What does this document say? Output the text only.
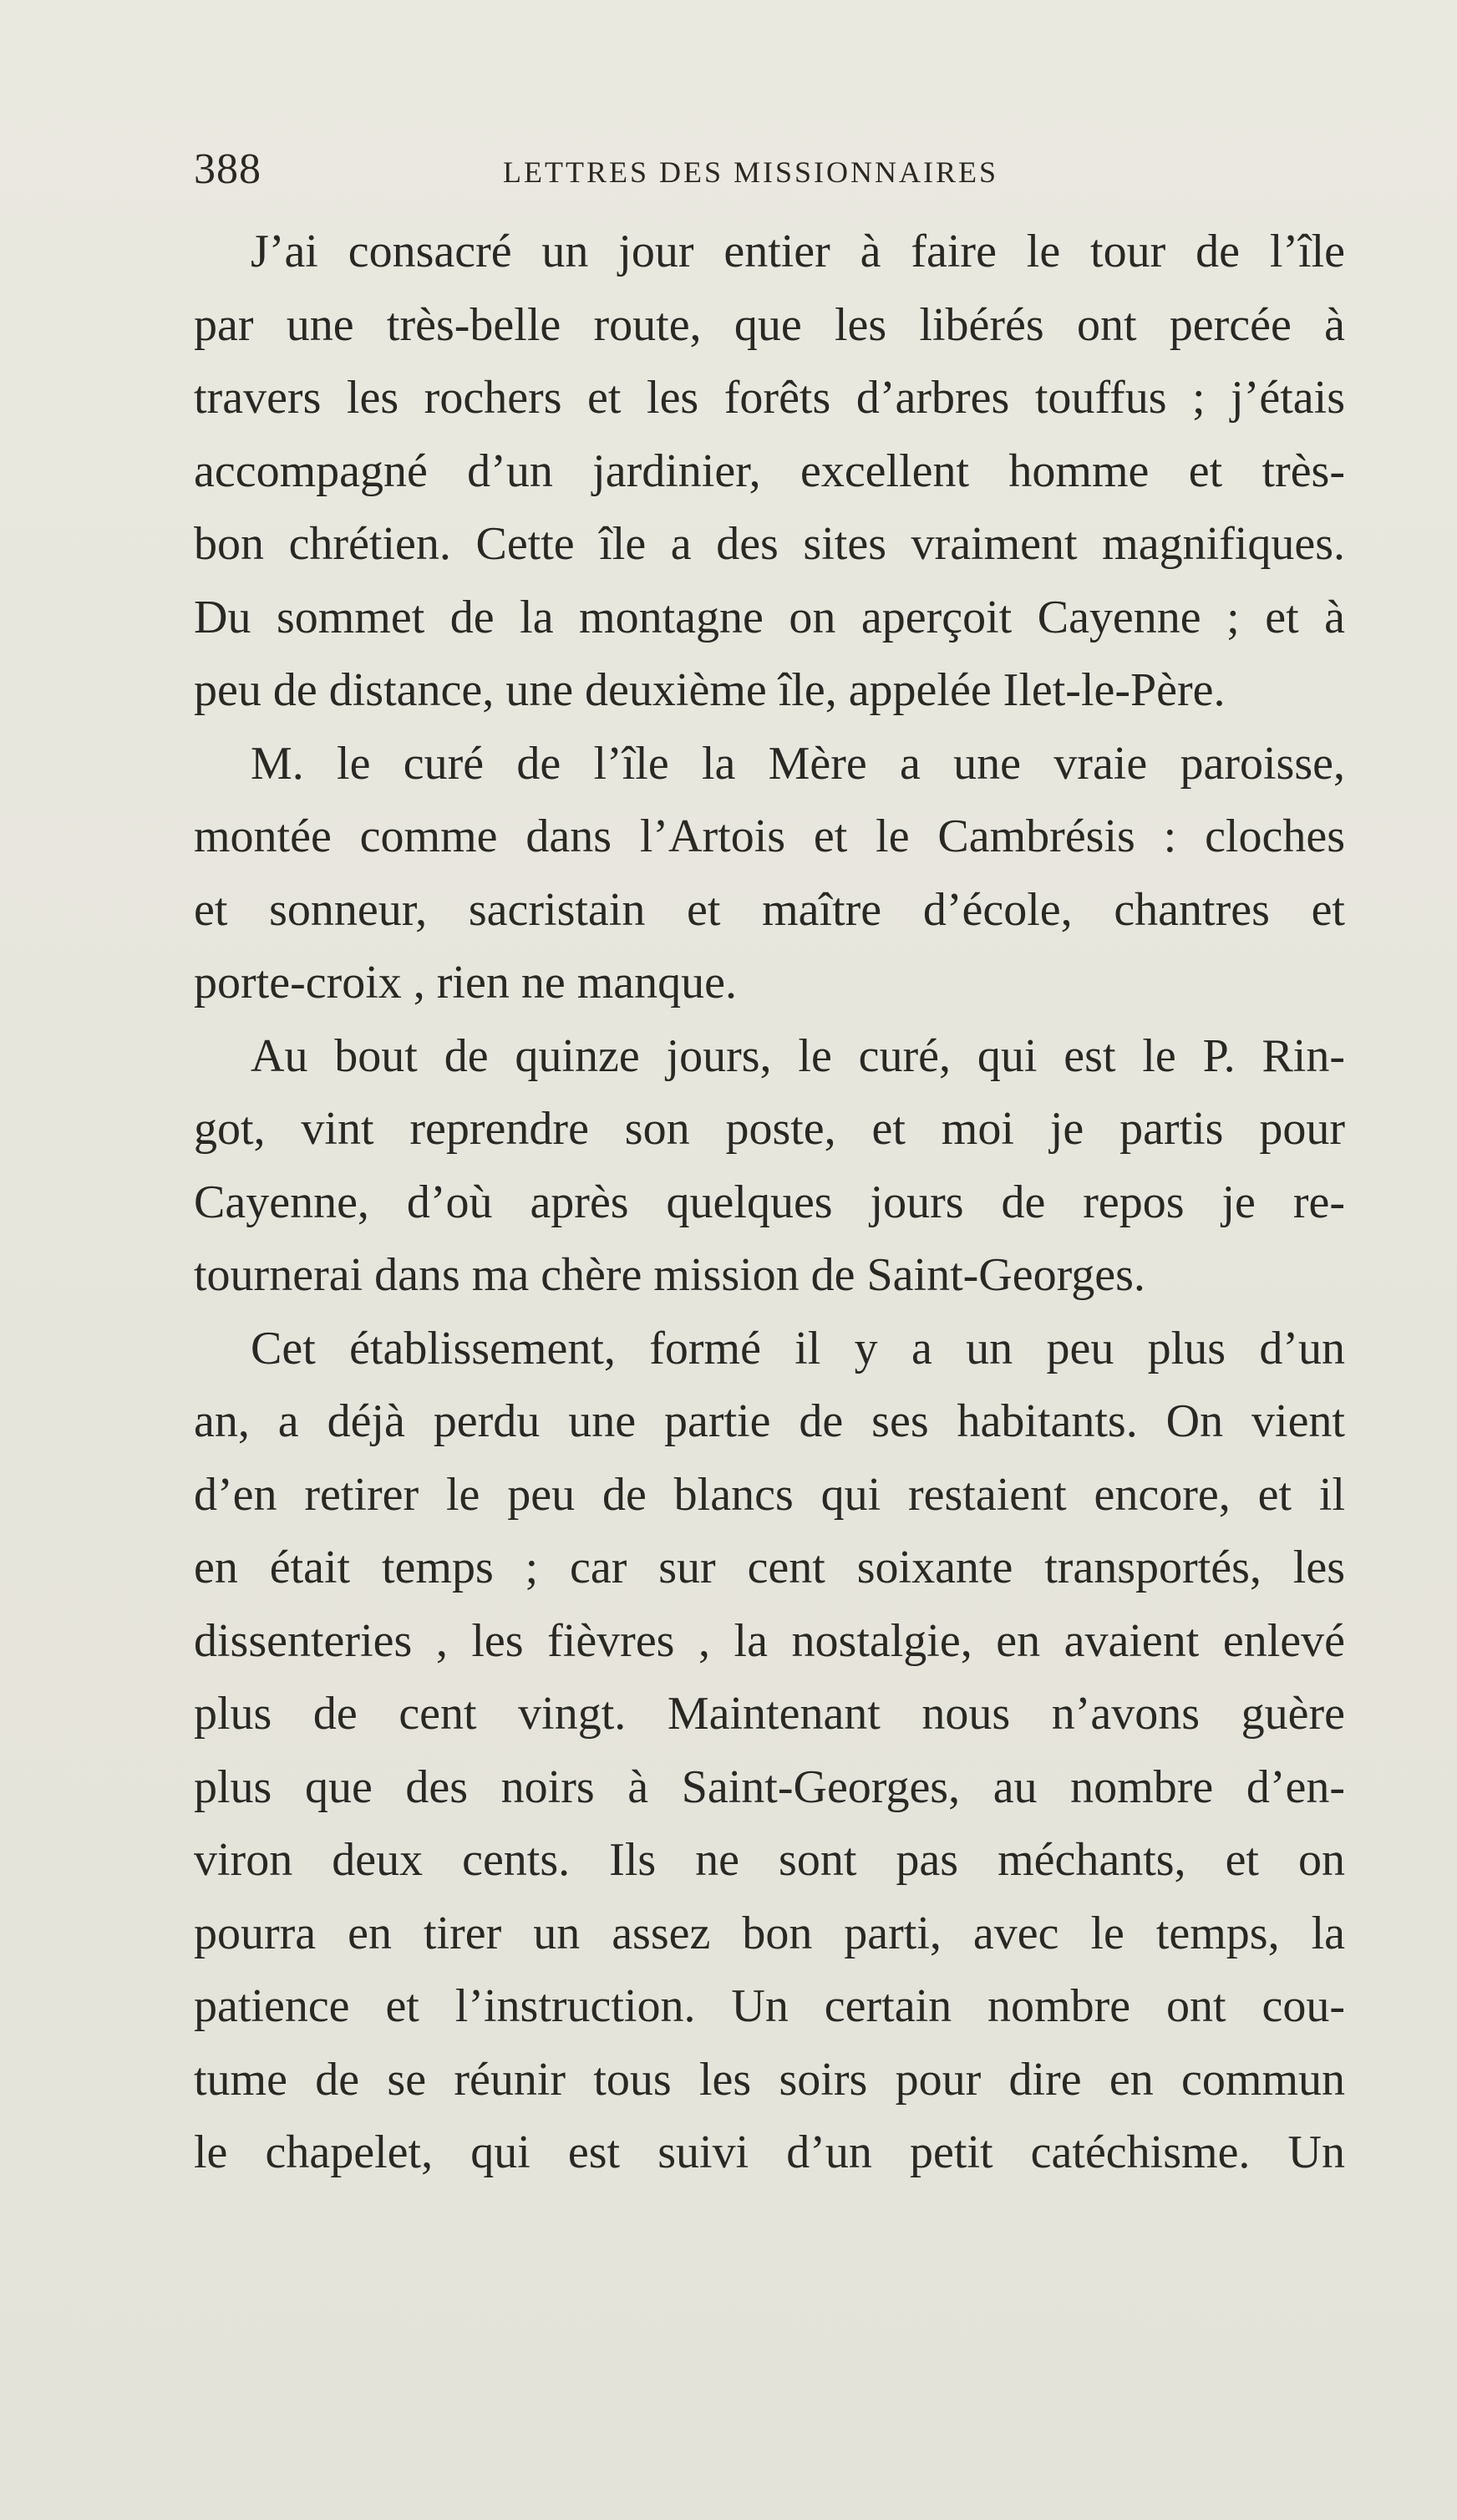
388	LETTRES DES MISSIONNAIRES
J’ai consacré un jour entier à faire le tour de l’île
par une très-belle route, que les libérés ont percée à
travers les rochers et les forêts d’arbres touffus ; j’étais
accompagné d’un jardinier, excellent homme et très-
bon chrétien. Cette île a des sites vraiment magnifiques.
Du sommet de la montagne on aperçoit Cayenne ; et à
peu de distance, une deuxième île, appelée Ilet-le-Père.
M. le curé de l’île la Mère a une vraie paroisse,
montée comme dans l’Artois et le Cambrésis : cloches
et sonneur, sacristain et maître d’école, chantres et
porte-croix , rien ne manque.
Au bout de quinze jours, le curé, qui est le P. Rin-
got, vint reprendre son poste, et moi je partis pour
Cayenne, d’où après quelques jours de repos je re-
tournerai dans ma chère mission de Saint-Georges.
Cet établissement, formé il y a un peu plus d’un
an, a déjà perdu une partie de ses habitants. On vient
d’en retirer le peu de blancs qui restaient encore, et il
en était temps ; car sur cent soixante transportés, les
dissenteries , les fièvres , la nostalgie, en avaient enlevé
plus de cent vingt. Maintenant nous n’avons guère
plus que des noirs à Saint-Georges, au nombre d’en-
viron deux cents. Ils ne sont pas méchants, et on
pourra en tirer un assez bon parti, avec le temps, la
patience et l’instruction. Un certain nombre ont cou-
tume de se réunir tous les soirs pour dire en commun
le chapelet, qui est suivi d’un petit catéchisme. Un
